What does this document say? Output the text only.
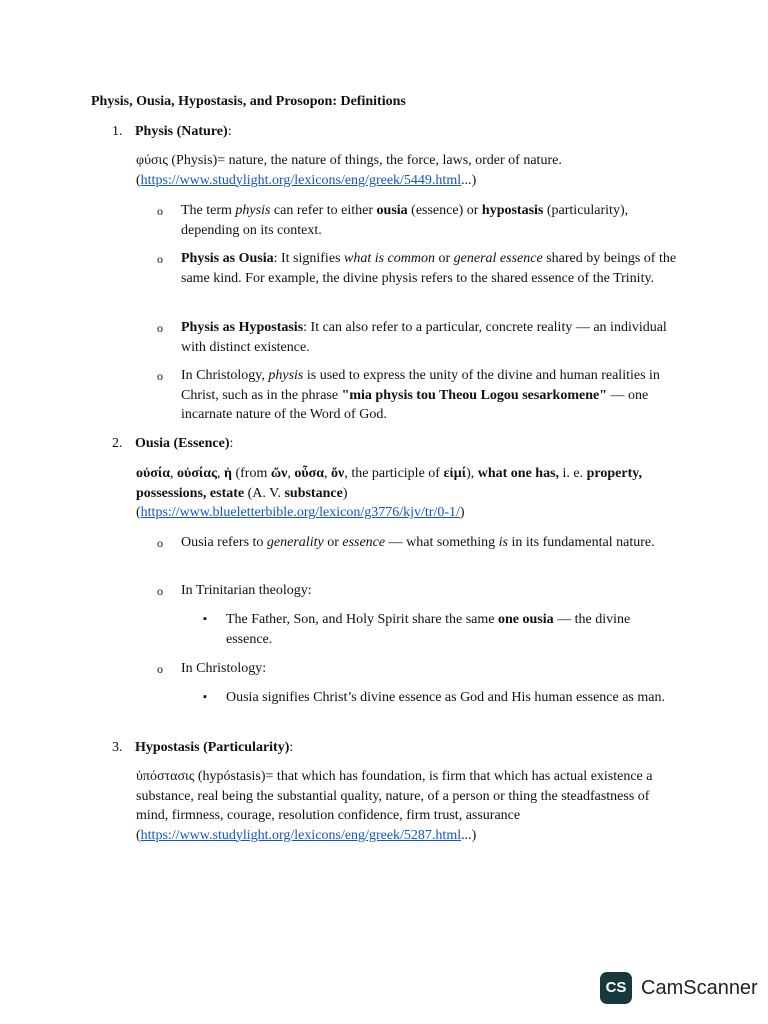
Physis, Ousia, Hypostasis, and Prosopon: Definitions
1. Physis (Nature):

φύσις (Physis)= nature, the nature of things, the force, laws, order of nature.

(https://www.studylight.org/lexicons/eng/greek/5449.html...)

o The term physis can refer to either ousia (essence) or hypostasis (particularity), depending on its context.
o Physis as Ousia: It signifies what is common or general essence shared by beings of the same kind. For example, the divine physis refers to the shared essence of the Trinity.
o Physis as Hypostasis: It can also refer to a particular, concrete reality — an individual with distinct existence.
o In Christology, physis is used to express the unity of the divine and human realities in Christ, such as in the phrase "mia physis tou Theou Logou sesarkomene" — one incarnate nature of the Word of God.
2. Ousia (Essence):

οὐσία, οὐσίας, ἡ (from ὤν, οὖσα, ὄν, the participle of εἰμί), what one has, i. e. property, possessions, estate (A. V. substance)

(https://www.blueletterbible.org/lexicon/g3776/kjv/tr/0-1/)

o Ousia refers to generality or essence — what something is in its fundamental nature.
o In Trinitarian theology:
▪ The Father, Son, and Holy Spirit share the same one ousia — the divine essence.
o In Christology:
▪ Ousia signifies Christ’s divine essence as God and His human essence as man.
3. Hypostasis (Particularity):

ὑπόστασις (hypóstasis)= that which has foundation, is firm that which has actual existence a substance, real being the substantial quality, nature, of a person or thing the steadfastness of mind, firmness, courage, resolution confidence, firm trust, assurance

(https://www.studylight.org/lexicons/eng/greek/5287.html...)

CS CamScanner
